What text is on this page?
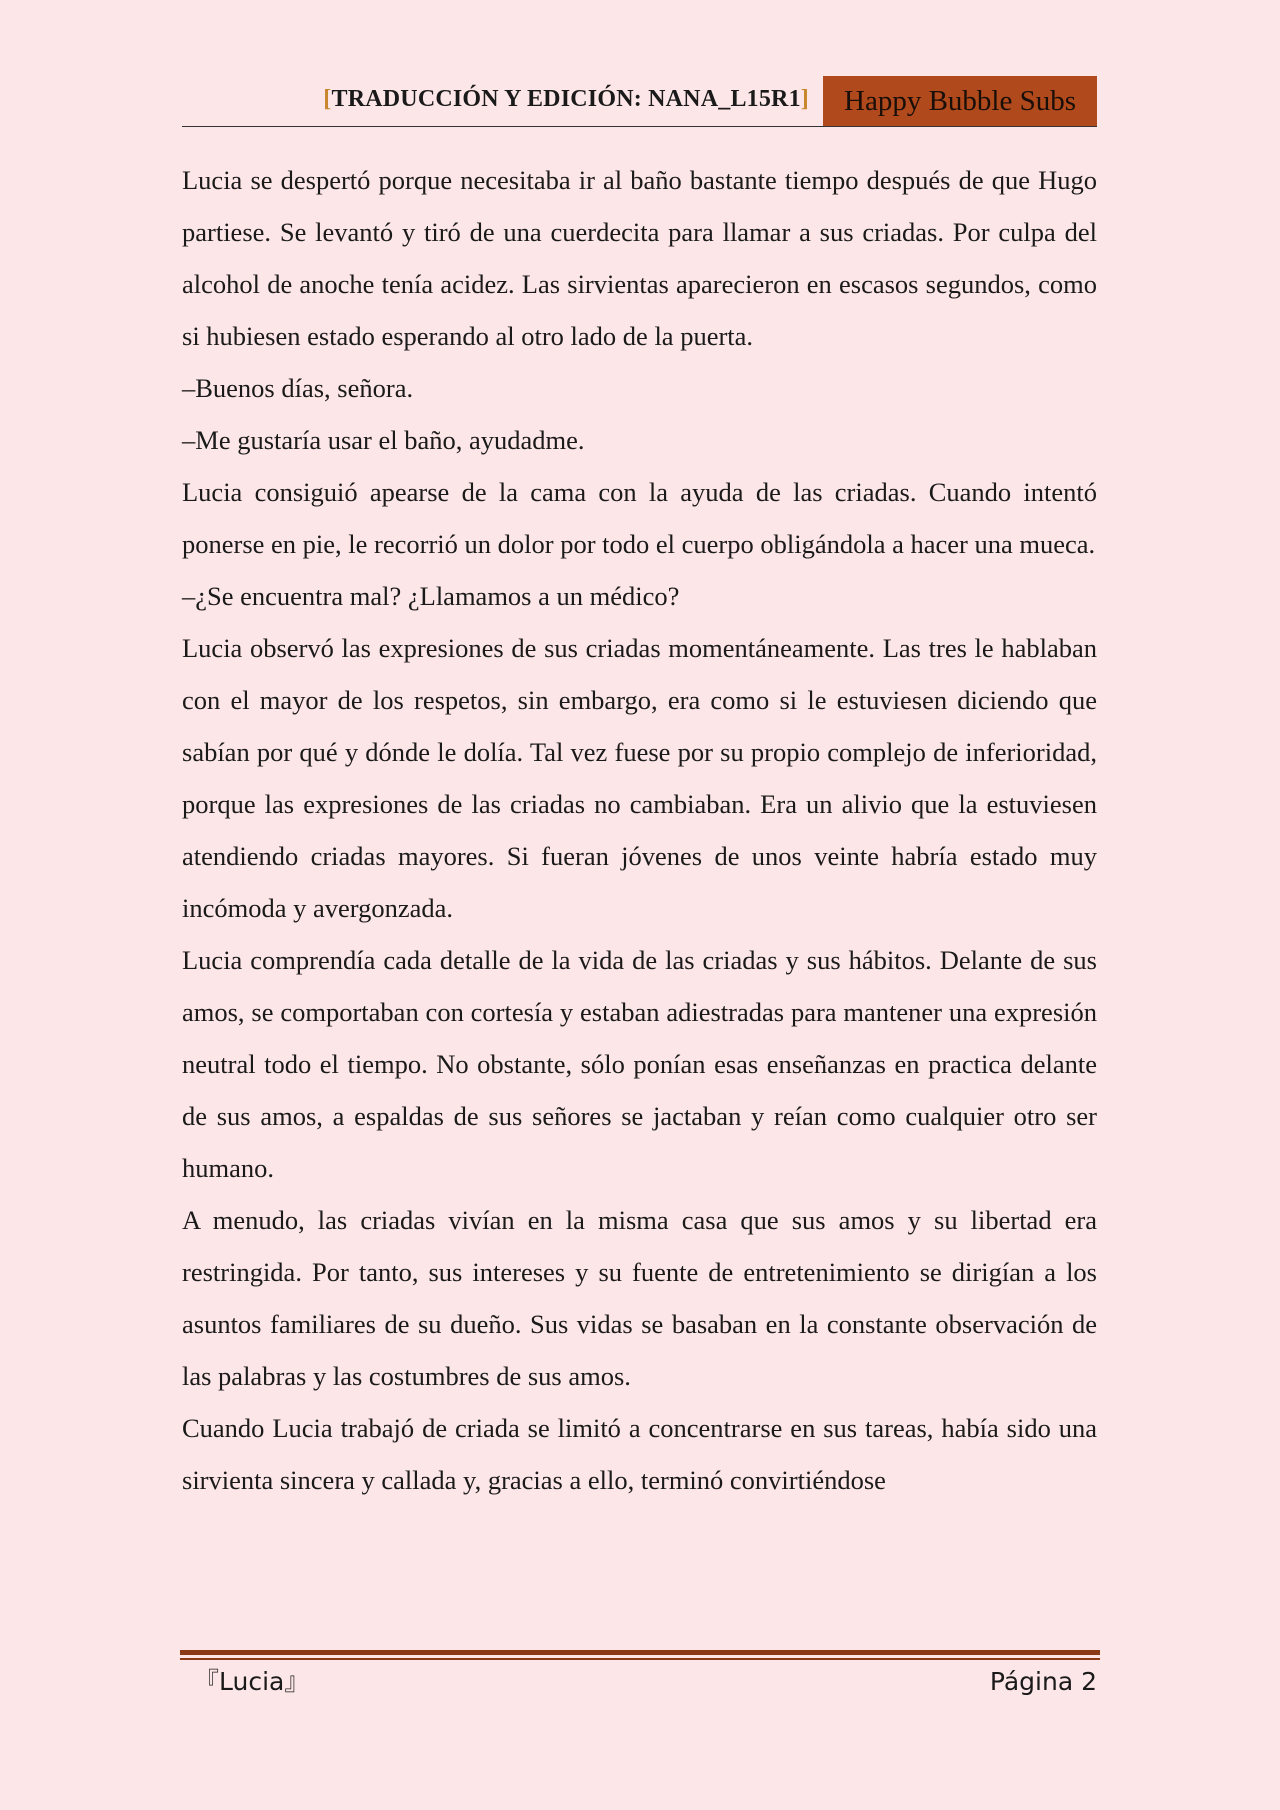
[TRADUCCIÓN Y EDICIÓN: NANA_L15R1]	Happy Bubble Subs

Lucia se despertó porque necesitaba ir al baño bastante tiempo después de que Hugo partiese. Se levantó y tiró de una cuerdecita para llamar a sus criadas. Por culpa del alcohol de anoche tenía acidez. Las sirvientas aparecieron en escasos segundos, como si hubiesen estado esperando al otro lado de la puerta.

–Buenos días, señora.

–Me gustaría usar el baño, ayudadme.

Lucia consiguió apearse de la cama con la ayuda de las criadas. Cuando intentó ponerse en pie, le recorrió un dolor por todo el cuerpo obligándola a hacer una mueca.

–¿Se encuentra mal? ¿Llamamos a un médico?

Lucia observó las expresiones de sus criadas momentáneamente. Las tres le hablaban con el mayor de los respetos, sin embargo, era como si le estuviesen diciendo que sabían por qué y dónde le dolía. Tal vez fuese por su propio complejo de inferioridad, porque las expresiones de las criadas no cambiaban. Era un alivio que la estuviesen atendiendo criadas mayores. Si fueran jóvenes de unos veinte habría estado muy incómoda y avergonzada.

Lucia comprendía cada detalle de la vida de las criadas y sus hábitos. Delante de sus amos, se comportaban con cortesía y estaban adiestradas para mantener una expresión neutral todo el tiempo. No obstante, sólo ponían esas enseñanzas en practica delante de sus amos, a espaldas de sus señores se jactaban y reían como cualquier otro ser humano.

A menudo, las criadas vivían en la misma casa que sus amos y su libertad era restringida. Por tanto, sus intereses y su fuente de entretenimiento se dirigían a los asuntos familiares de su dueño. Sus vidas se basaban en la constante observación de las palabras y las costumbres de sus amos.

Cuando Lucia trabajó de criada se limitó a concentrarse en sus tareas, había sido una sirvienta sincera y callada y, gracias a ello, terminó convirtiéndose

『Lucia』	Página 2
